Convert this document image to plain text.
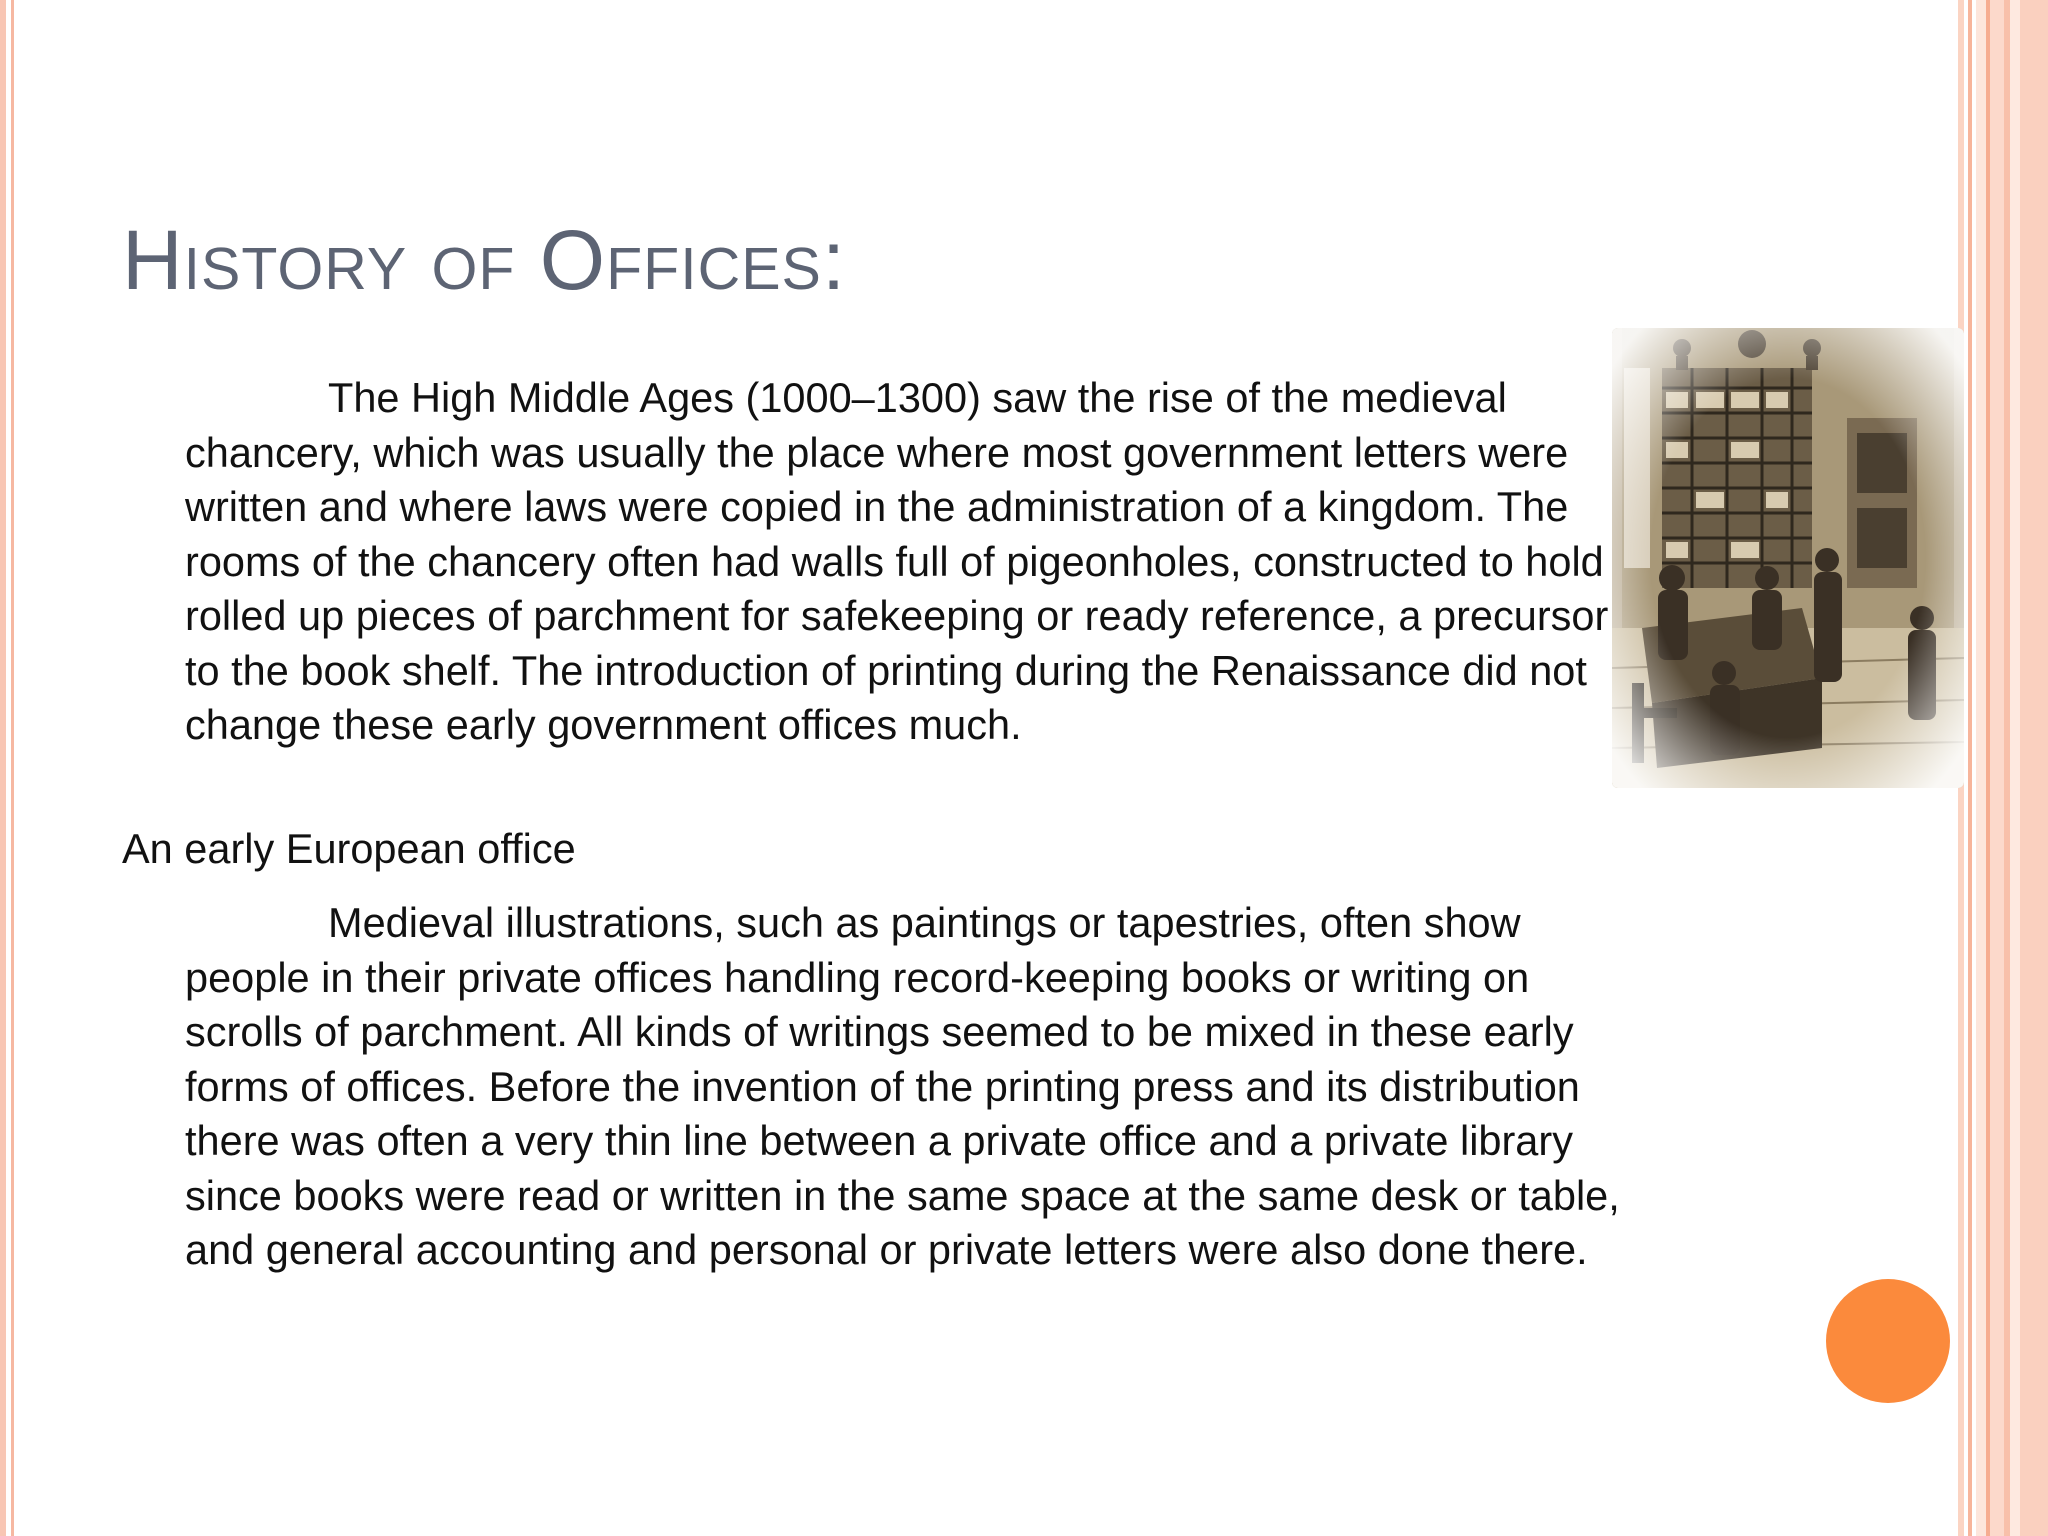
History of Offices:

The High Middle Ages (1000–1300) saw the rise of the medieval chancery, which was usually the place where most government letters were written and where laws were copied in the administration of a kingdom. The rooms of the chancery often had walls full of pigeonholes, constructed to hold rolled up pieces of parchment for safekeeping or ready reference, a precursor to the book shelf. The introduction of printing during the Renaissance did not change these early government offices much.

An early European office

Medieval illustrations, such as paintings or tapestries, often show people in their private offices handling record-keeping books or writing on scrolls of parchment. All kinds of writings seemed to be mixed in these early forms of offices. Before the invention of the printing press and its distribution there was often a very thin line between a private office and a private library since books were read or written in the same space at the same desk or table, and general accounting and personal or private letters were also done there.
